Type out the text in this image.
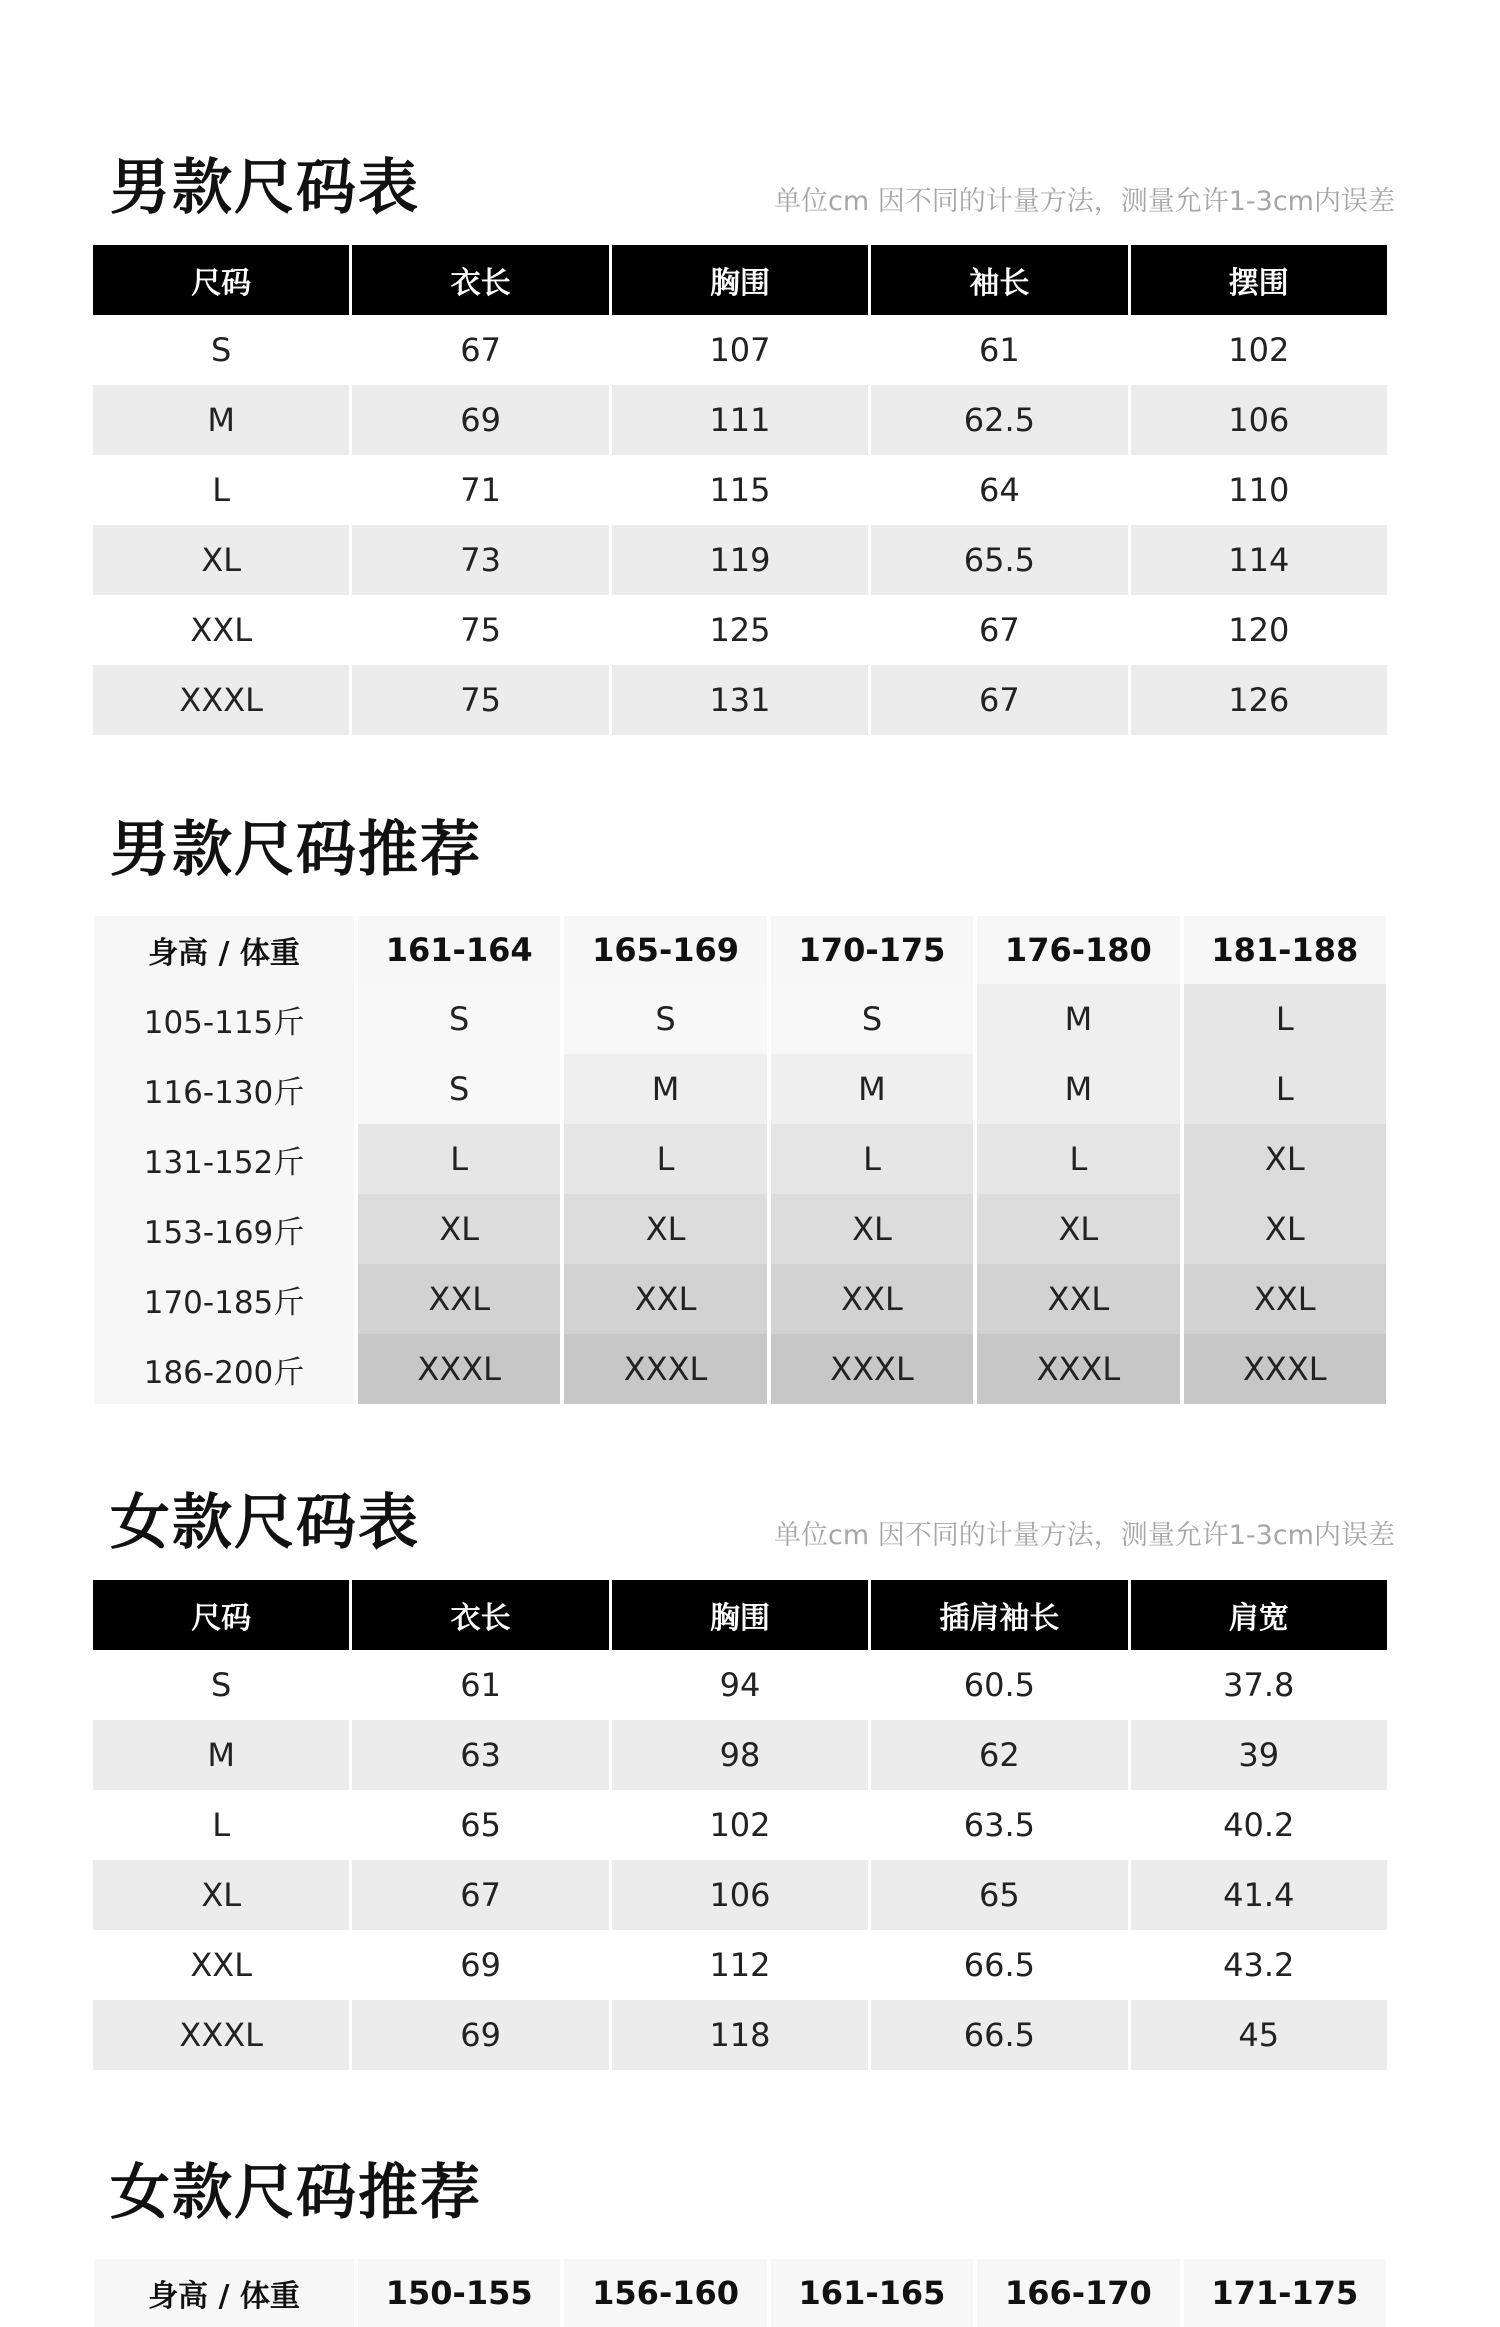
男款尺码表	单位cm 因不同的计量方法，测量允许1-3cm内误差
尺码	衣长	胸围	袖长	摆围
S	67	107	61	102
M	69	111	62.5	106
L	71	115	64	110
XL	73	119	65.5	114
XXL	75	125	67	120
XXXL	75	131	67	126
男款尺码推荐
身高 / 体重	161-164	165-169	170-175	176-180	181-188
105-115斤	S	S	S	M	L
116-130斤	S	M	M	M	L
131-152斤	L	L	L	L	XL
153-169斤	XL	XL	XL	XL	XL
170-185斤	XXL	XXL	XXL	XXL	XXL
186-200斤	XXXL	XXXL	XXXL	XXXL	XXXL
女款尺码表	单位cm 因不同的计量方法，测量允许1-3cm内误差
尺码	衣长	胸围	插肩袖长	肩宽
S	61	94	60.5	37.8
M	63	98	62	39
L	65	102	63.5	40.2
XL	67	106	65	41.4
XXL	69	112	66.5	43.2
XXXL	69	118	66.5	45
女款尺码推荐
身高 / 体重	150-155	156-160	161-165	166-170	171-175
